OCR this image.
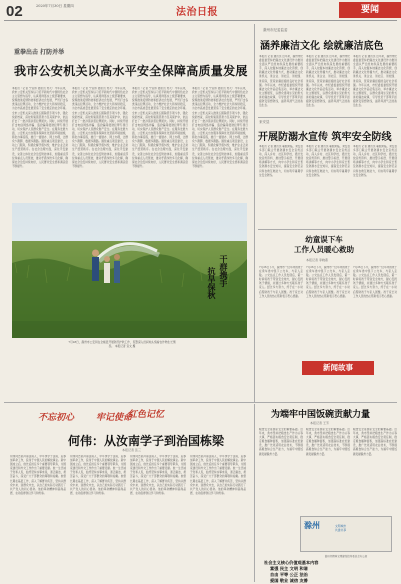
02	2020年7月30日 星期四
法治日报	要闻
重拳出击 打防并举
我市公安机关以高水平安全保障高质量发展
本报讯（记者 宁宣伟 通讯员 郑天）今年以来，我市公安机关坚持以习近平新时代中国特色社会主义思想为指导，认真贯彻落实上级部署要求，统筹推进疫情防控和经济社会发展，严厉打击各类违法犯罪活动，全力维护社会大局持续稳定，为全市高质量发展营造了安全稳定的社会环境。全市公安机关深入推进扫黑除恶专项斗争，强化线索核查，深挖彻查黑恶势力及其保护伞，依法打击了一批涉黑涉恶犯罪团伙。同时，持续开展打击电信网络诈骗、盗抢骗等侵财犯罪专项行动，切实保护人民群众财产安全。在服务发展方面，公安机关出台服务保障优化营商环境措施，简化办事流程，推行一窗通办、网上办理，让群众少跑腿、数据多跑路。围绕重点项目建设，主动上门服务，积极化解矛盾纠纷，维护企业正常生产经营秩序。在社会治理方面，深化平安建设，完善立体化社会治安防控体系，加强重点部位和重点人员管控，推动矛盾纠纷多元化解，确保社会治安持续向好，人民群众安全感和满意度不断提升。
本报讯（记者 宁宣伟 通讯员 郑天）今年以来，我市公安机关坚持以习近平新时代中国特色社会主义思想为指导，认真贯彻落实上级部署要求，统筹推进疫情防控和经济社会发展，严厉打击各类违法犯罪活动，全力维护社会大局持续稳定，为全市高质量发展营造了安全稳定的社会环境。全市公安机关深入推进扫黑除恶专项斗争，强化线索核查，深挖彻查黑恶势力及其保护伞，依法打击了一批涉黑涉恶犯罪团伙。同时，持续开展打击电信网络诈骗、盗抢骗等侵财犯罪专项行动，切实保护人民群众财产安全。在服务发展方面，公安机关出台服务保障优化营商环境措施，简化办事流程，推行一窗通办、网上办理，让群众少跑腿、数据多跑路。围绕重点项目建设，主动上门服务，积极化解矛盾纠纷，维护企业正常生产经营秩序。在社会治理方面，深化平安建设，完善立体化社会治安防控体系，加强重点部位和重点人员管控，推动矛盾纠纷多元化解，确保社会治安持续向好，人民群众安全感和满意度不断提升。
本报讯（记者 宁宣伟 通讯员 郑天）今年以来，我市公安机关坚持以习近平新时代中国特色社会主义思想为指导，认真贯彻落实上级部署要求，统筹推进疫情防控和经济社会发展，严厉打击各类违法犯罪活动，全力维护社会大局持续稳定，为全市高质量发展营造了安全稳定的社会环境。全市公安机关深入推进扫黑除恶专项斗争，强化线索核查，深挖彻查黑恶势力及其保护伞，依法打击了一批涉黑涉恶犯罪团伙。同时，持续开展打击电信网络诈骗、盗抢骗等侵财犯罪专项行动，切实保护人民群众财产安全。在服务发展方面，公安机关出台服务保障优化营商环境措施，简化办事流程，推行一窗通办、网上办理，让群众少跑腿、数据多跑路。围绕重点项目建设，主动上门服务，积极化解矛盾纠纷，维护企业正常生产经营秩序。在社会治理方面，深化平安建设，完善立体化社会治安防控体系，加强重点部位和重点人员管控，推动矛盾纠纷多元化解，确保社会治安持续向好，人民群众安全感和满意度不断提升。
本报讯（记者 宁宣伟 通讯员 郑天）今年以来，我市公安机关坚持以习近平新时代中国特色社会主义思想为指导，认真贯彻落实上级部署要求，统筹推进疫情防控和经济社会发展，严厉打击各类违法犯罪活动，全力维护社会大局持续稳定，为全市高质量发展营造了安全稳定的社会环境。全市公安机关深入推进扫黑除恶专项斗争，强化线索核查，深挖彻查黑恶势力及其保护伞，依法打击了一批涉黑涉恶犯罪团伙。同时，持续开展打击电信网络诈骗、盗抢骗等侵财犯罪专项行动，切实保护人民群众财产安全。在服务发展方面，公安机关出台服务保障优化营商环境措施，简化办事流程，推行一窗通办、网上办理，让群众少跑腿、数据多跑路。围绕重点项目建设，主动上门服务，积极化解矛盾纠纷，维护企业正常生产经营秩序。在社会治理方面，深化平安建设，完善立体化社会治安防控体系，加强重点部位和重点人员管控，推动矛盾纠纷多元化解，确保社会治安持续向好，人民群众安全感和满意度不断提升。
干群携手
抗旱保秋
7月28日，滁州市公安局在全椒县开展防汛护秋工作，民警深入田间地头察看农作物生长情况。 本报记者 宣文 摄
滁州市纪委监委
涵养廉洁文化 绘就廉洁底色
本报讯 记者 通讯员 近年来，滁州市纪委监委坚持把廉洁文化建设作为推进全面从严治党向纵深发展的重要抓手，深入挖掘本地廉洁文化资源，创新廉洁文化传播方式，推动廉洁文化进机关、进企业、进社区、进校园、进家庭，营造崇廉拒腐的良好社会氛围。今年以来，市纪委监委组织开展廉洁文化作品征集活动，举办廉洁文化主题展览，以群众喜闻乐见的形式讲好廉洁故事，引导党员干部筑牢拒腐防变思想防线，涵养风清气正的政治生态。
本报讯 记者 通讯员 近年来，滁州市纪委监委坚持把廉洁文化建设作为推进全面从严治党向纵深发展的重要抓手，深入挖掘本地廉洁文化资源，创新廉洁文化传播方式，推动廉洁文化进机关、进企业、进社区、进校园、进家庭，营造崇廉拒腐的良好社会氛围。今年以来，市纪委监委组织开展廉洁文化作品征集活动，举办廉洁文化主题展览，以群众喜闻乐见的形式讲好廉洁故事，引导党员干部筑牢拒腐防变思想防线，涵养风清气正的政治生态。
本报讯 记者 通讯员 近年来，滁州市纪委监委坚持把廉洁文化建设作为推进全面从严治党向纵深发展的重要抓手，深入挖掘本地廉洁文化资源，创新廉洁文化传播方式，推动廉洁文化进机关、进企业、进社区、进校园、进家庭，营造崇廉拒腐的良好社会氛围。今年以来，市纪委监委组织开展廉洁文化作品征集活动，举办廉洁文化主题展览，以群众喜闻乐见的形式讲好廉洁故事，引导党员干部筑牢拒腐防变思想防线，涵养风清气正的政治生态。
来安县
开展防溺水宣传 筑牢安全防线
本报讯 记者 通讯员 暑假来临，来安县多部门联合开展防溺水安全宣传活动，深入乡村、社区和学校，通过发放宣传资料、悬挂警示标语、开展现场讲解等方式，向中小学生和家长普及防溺水安全知识，提高安全防范意识和自救互救能力，切实筑牢暑期学生安全防线。
本报讯 记者 通讯员 暑假来临，来安县多部门联合开展防溺水安全宣传活动，深入乡村、社区和学校，通过发放宣传资料、悬挂警示标语、开展现场讲解等方式，向中小学生和家长普及防溺水安全知识，提高安全防范意识和自救互救能力，切实筑牢暑期学生安全防线。
本报讯 记者 通讯员 暑假来临，来安县多部门联合开展防溺水安全宣传活动，深入乡村、社区和学校，通过发放宣传资料、悬挂警示标语、开展现场讲解等方式，向中小学生和家长普及防溺水安全知识，提高安全防范意识和自救互救能力，切实筑牢暑期学生安全防线。
幼童误下车
工作人员暖心救助
本报记者 李晓燕
7月26日下午，滁州市一位年幼的孩子在乘车途中误下公交车，与家人走散。公交站点工作人员发现后，第一时间将孩子带到安全地方，耐心安抚孩子情绪，并通过多种方式联系孩子家人。经过多方努力，终于在一小时后帮助孩子与家人团聚。孩子家长对工作人员的热心帮助表示衷心感谢。
7月26日下午，滁州市一位年幼的孩子在乘车途中误下公交车，与家人走散。公交站点工作人员发现后，第一时间将孩子带到安全地方，耐心安抚孩子情绪，并通过多种方式联系孩子家人。经过多方努力，终于在一小时后帮助孩子与家人团聚。孩子家长对工作人员的热心帮助表示衷心感谢。
7月26日下午，滁州市一位年幼的孩子在乘车途中误下公交车，与家人走散。公交站点工作人员发现后，第一时间将孩子带到安全地方，耐心安抚孩子情绪，并通过多种方式联系孩子家人。经过多方努力，终于在一小时后帮助孩子与家人团聚。孩子家长对工作人员的热心帮助表示衷心感谢。
新闻故事
不忘初心 牢记使命
红色记忆
何伟：从汝南学子到治国栋梁
本报记者 张三
何伟同志是河南汝南人，早年求学于汝南，后参加革命工作，投身于中国人民的解放事业。新中国成立后，他先后担任多个重要领导职务，为国家建设和外交工作作出了重要贡献。他一生忠诚于党和人民，始终坚持实事求是，清正廉洁，艰苦奋斗，深受广大干部群众的尊敬和爱戴。他曾长期在基层工作，深入了解群众疾苦，坚持从群众中来、到群众中去，以自己的实际行动践行了共产党人的初心使命。他的革命精神和高尚品德，永远值得我们学习和传承。
何伟同志是河南汝南人，早年求学于汝南，后参加革命工作，投身于中国人民的解放事业。新中国成立后，他先后担任多个重要领导职务，为国家建设和外交工作作出了重要贡献。他一生忠诚于党和人民，始终坚持实事求是，清正廉洁，艰苦奋斗，深受广大干部群众的尊敬和爱戴。他曾长期在基层工作，深入了解群众疾苦，坚持从群众中来、到群众中去，以自己的实际行动践行了共产党人的初心使命。他的革命精神和高尚品德，永远值得我们学习和传承。
何伟同志是河南汝南人，早年求学于汝南，后参加革命工作，投身于中国人民的解放事业。新中国成立后，他先后担任多个重要领导职务，为国家建设和外交工作作出了重要贡献。他一生忠诚于党和人民，始终坚持实事求是，清正廉洁，艰苦奋斗，深受广大干部群众的尊敬和爱戴。他曾长期在基层工作，深入了解群众疾苦，坚持从群众中来、到群众中去，以自己的实际行动践行了共产党人的初心使命。他的革命精神和高尚品德，永远值得我们学习和传承。
何伟同志是河南汝南人，早年求学于汝南，后参加革命工作，投身于中国人民的解放事业。新中国成立后，他先后担任多个重要领导职务，为国家建设和外交工作作出了重要贡献。他一生忠诚于党和人民，始终坚持实事求是，清正廉洁，艰苦奋斗，深受广大干部群众的尊敬和爱戴。他曾长期在基层工作，深入了解群众疾苦，坚持从群众中来、到群众中去，以自己的实际行动践行了共产党人的初心使命。他的革命精神和高尚品德，永远值得我们学习和传承。
为端牢中国饭碗贡献力量
本报记者 王芳
粮食安全是国家安全的重要基础。近年来，我市坚持把粮食生产作为头等大事，严格落实粮食安全责任制，稳定粮食播种面积，加强高标准农田建设，推广先进适用农业技术，不断提高粮食综合生产能力，为端牢中国饭碗贡献滁州力量。
粮食安全是国家安全的重要基础。近年来，我市坚持把粮食生产作为头等大事，严格落实粮食安全责任制，稳定粮食播种面积，加强高标准农田建设，推广先进适用农业技术，不断提高粮食综合生产能力，为端牢中国饭碗贡献滁州力量。
粮食安全是国家安全的重要基础。近年来，我市坚持把粮食生产作为头等大事，严格落实粮食安全责任制，稳定粮食播种面积，加强高标准农田建设，推广先进适用农业技术，不断提高粮食综合生产能力，为端牢中国饭碗贡献滁州力量。
滁州	文明城市
共建共享
滁州市精神文明建设指导委员会办公室
社会主义核心价值观基本内容
富强 民主 文明 和谐
自由 平等 公正 法治
爱国 敬业 诚信 友善
